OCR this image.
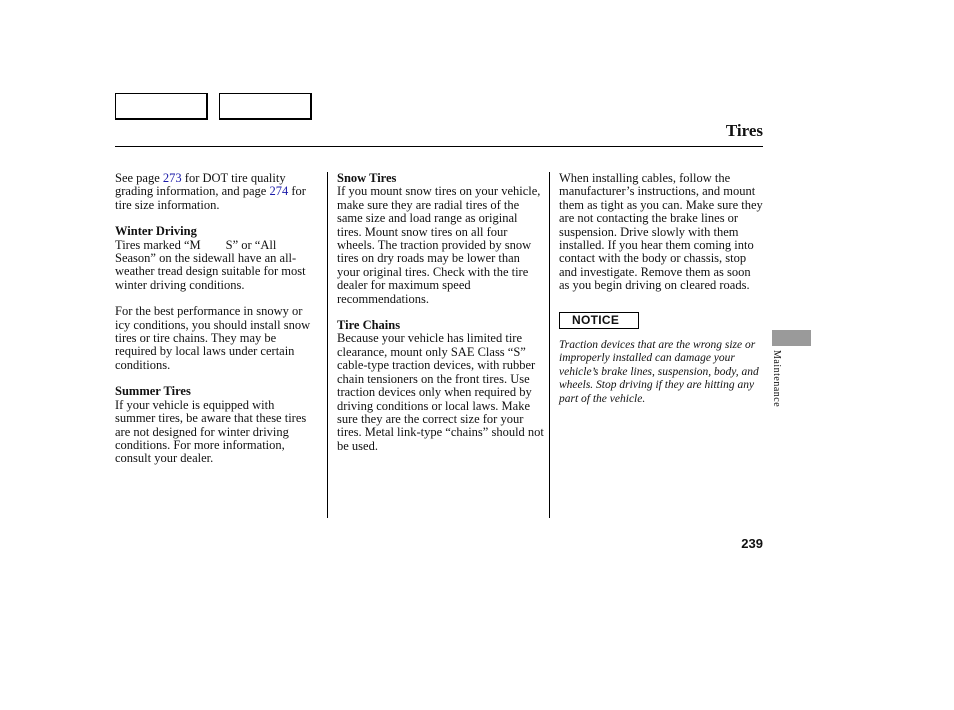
Tires

See page 273 for DOT tire quality grading information, and page 274 for tire size information.

Winter Driving

Tires marked “M  S” or “All Season” on the sidewall have an all-weather tread design suitable for most winter driving conditions.

For the best performance in snowy or icy conditions, you should install snow tires or tire chains. They may be required by local laws under certain conditions.

Summer Tires

If your vehicle is equipped with summer tires, be aware that these tires are not designed for winter driving conditions. For more information, consult your dealer.

Snow Tires

If you mount snow tires on your vehicle, make sure they are radial tires of the same size and load range as original tires. Mount snow tires on all four wheels. The traction provided by snow tires on dry roads may be lower than your original tires. Check with the tire dealer for maximum speed recommendations.

Tire Chains

Because your vehicle has limited tire clearance, mount only SAE Class “S” cable-type traction devices, with rubber chain tensioners on the front tires. Use traction devices only when required by driving conditions or local laws. Make sure they are the correct size for your tires. Metal link-type “chains” should not be used.

When installing cables, follow the manufacturer’s instructions, and mount them as tight as you can. Make sure they are not contacting the brake lines or suspension. Drive slowly with them installed. If you hear them coming into contact with the body or chassis, stop and investigate. Remove them as soon as you begin driving on cleared roads.

NOTICE

Traction devices that are the wrong size or improperly installed can damage your vehicle’s brake lines, suspension, body, and wheels. Stop driving if they are hitting any part of the vehicle.	Maintenance
239
